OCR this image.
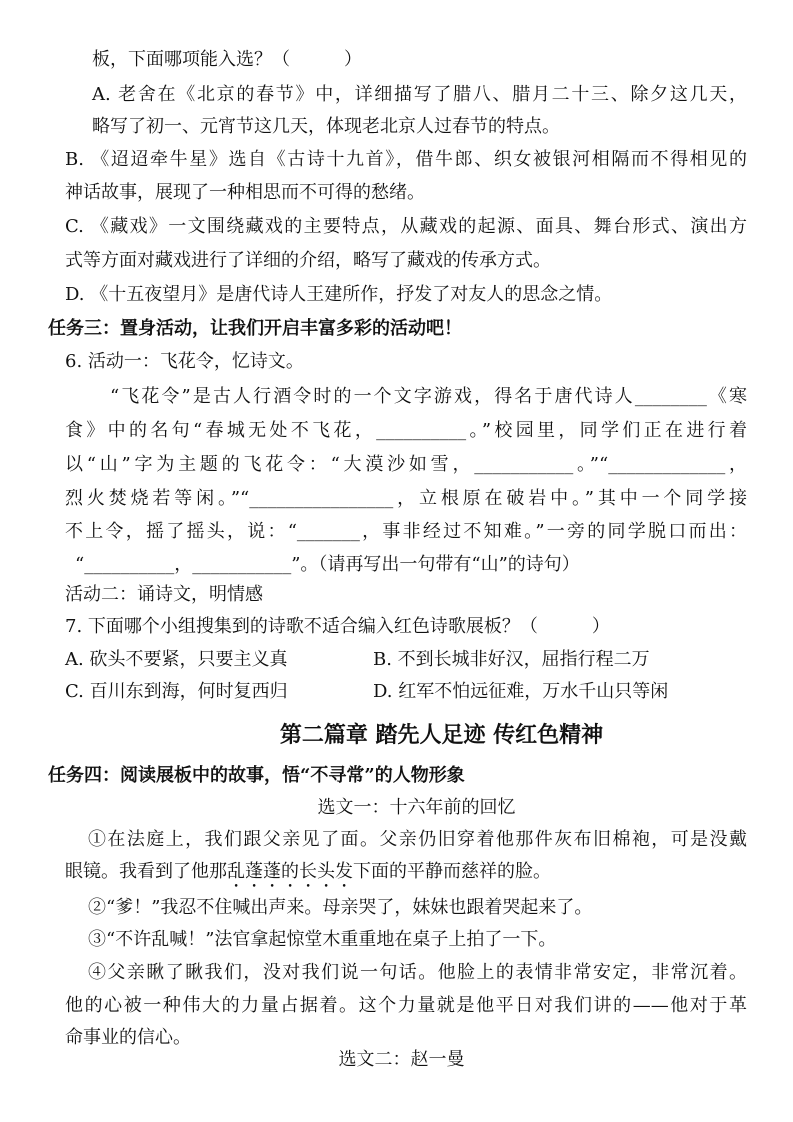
板，下面哪项能入选？（　　　）
A. 老舍在《北京的春节》中，详细描写了腊八、腊月二十三、除夕这几天，
略写了初一、元宵节这几天，体现老北京人过春节的特点。
B. 《迢迢牵牛星》选自《古诗十九首》，借牛郎、织女被银河相隔而不得相见的
神话故事，展现了一种相思而不可得的愁绪。
C. 《藏戏》一文围绕藏戏的主要特点，从藏戏的起源、面具、舞台形式、演出方
式等方面对藏戏进行了详细的介绍，略写了藏戏的传承方式。
D. 《十五夜望月》是唐代诗人王建所作，抒发了对友人的思念之情。
任务三：置身活动，让我们开启丰富多彩的活动吧！
6. 活动一：飞花令，忆诗文。
“飞花令”是古人行酒令时的一个文字游戏，得名于唐代诗人________《寒
食》中的名句“春城无处不飞花，__________。”校园里，同学们正在进行着
以“山”字为主题的飞花令：“大漠沙如雪，___________。”“_____________，
烈火焚烧若等闲。”“________________，立根原在破岩中。”其中一个同学接
不上令，摇了摇头，说：“_______，事非经过不知难。”一旁的同学脱口而出：
“__________，___________”。（请再写出一句带有“山”的诗句）
活动二：诵诗文，明情感
7. 下面哪个小组搜集到的诗歌不适合编入红色诗歌展板？（　　　）
A. 砍头不要紧，只要主义真	B. 不到长城非好汉，屈指行程二万
C. 百川东到海，何时复西归	D. 红军不怕远征难，万水千山只等闲
第二篇章 踏先人足迹 传红色精神
任务四：阅读展板中的故事，悟“不寻常”的人物形象
选文一：十六年前的回忆
①在法庭上，我们跟父亲见了面。父亲仍旧穿着他那件灰布旧棉袍，可是没戴
眼镜。我看到了他那乱蓬蓬的长头发下面的平静而慈祥的脸。
②“爹！”我忍不住喊出声来。母亲哭了，妹妹也跟着哭起来了。
③“不许乱喊！”法官拿起惊堂木重重地在桌子上拍了一下。
④父亲瞅了瞅我们，没对我们说一句话。他脸上的表情非常安定，非常沉着。
他的心被一种伟大的力量占据着。这个力量就是他平日对我们讲的——他对于革
命事业的信心。
选文二：赵一曼
